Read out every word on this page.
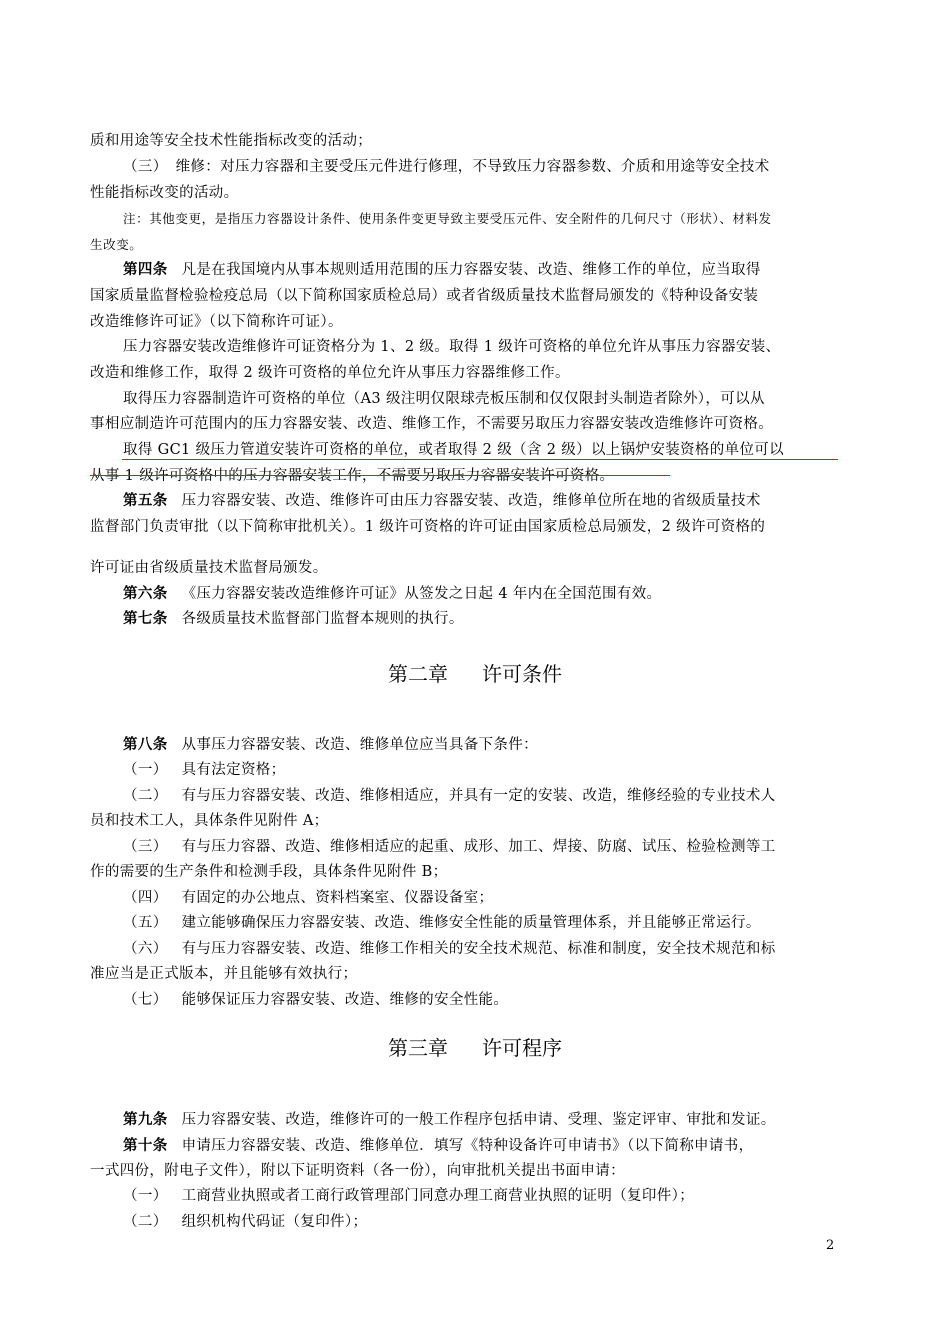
质和用途等安全技术性能指标改变的活动；
（三） 维修：对压力容器和主要受压元件进行修理，不导致压力容器参数、介质和用途等安全技术
性能指标改变的活动。
注：其他变更，是指压力容器设计条件、使用条件变更导致主要受压元件、安全附件的几何尺寸（形状）、材料发
生改变。
第四条 凡是在我国境内从事本规则适用范围的压力容器安装、改造、维修工作的单位，应当取得
国家质量监督检验检疫总局（以下简称国家质检总局）或者省级质量技术监督局颁发的《特种设备安装
改造维修许可证》（以下简称许可证）。
压力容器安装改造维修许可证资格分为 1、2 级。取得 1 级许可资格的单位允许从事压力容器安装、
改造和维修工作，取得 2 级许可资格的单位允许从事压力容器维修工作。
取得压力容器制造许可资格的单位（A3 级注明仅限球壳板压制和仅仅限封头制造者除外），可以从
事相应制造许可范围内的压力容器安装、改造、维修工作，不需要另取压力容器安装改造维修许可资格。
取得 GC1 级压力管道安装许可资格的单位，或者取得 2 级（含 2 级）以上锅炉安装资格的单位可以
从事 1 级许可资格中的压力容器安装工作，不需要另取压力容器安装许可资格。
第五条 压力容器安装、改造、维修许可由压力容器安装、改造，维修单位所在地的省级质量技术
监督部门负责审批（以下简称审批机关）。1 级许可资格的许可证由国家质检总局颁发，2 级许可资格的
许可证由省级质量技术监督局颁发。
第六条 《压力容器安装改造维修许可证》从签发之日起 4 年内在全国范围有效。
第七条 各级质量技术监督部门监督本规则的执行。
第二章 许可条件
第八条 从事压力容器安装、改造、维修单位应当具备下条件：
（一） 具有法定资格；
（二） 有与压力容器安装、改造、维修相适应，并具有一定的安装、改造，维修经验的专业技术人
员和技术工人，具体条件见附件 A；
（三） 有与压力容器、改造、维修相适应的起重、成形、加工、焊接、防腐、试压、检验检测等工
作的需要的生产条件和检测手段，具体条件见附件 B；
（四） 有固定的办公地点、资料档案室、仪器设备室；
（五） 建立能够确保压力容器安装、改造、维修安全性能的质量管理体系，并且能够正常运行。
（六） 有与压力容器安装、改造、维修工作相关的安全技术规范、标准和制度，安全技术规范和标
准应当是正式版本，并且能够有效执行；
（七） 能够保证压力容器安装、改造、维修的安全性能。
第三章 许可程序
第九条 压力容器安装、改造，维修许可的一般工作程序包括申请、受理、鉴定评审、审批和发证。
第十条 申请压力容器安装、改造、维修单位．填写《特种设备许可申请书》（以下简称申请书，
一式四份，附电子文件），附以下证明资料（各一份），向审批机关提出书面申请：
（一） 工商营业执照或者工商行政管理部门同意办理工商营业执照的证明（复印件）；
（二） 组织机构代码证（复印件）；
2
